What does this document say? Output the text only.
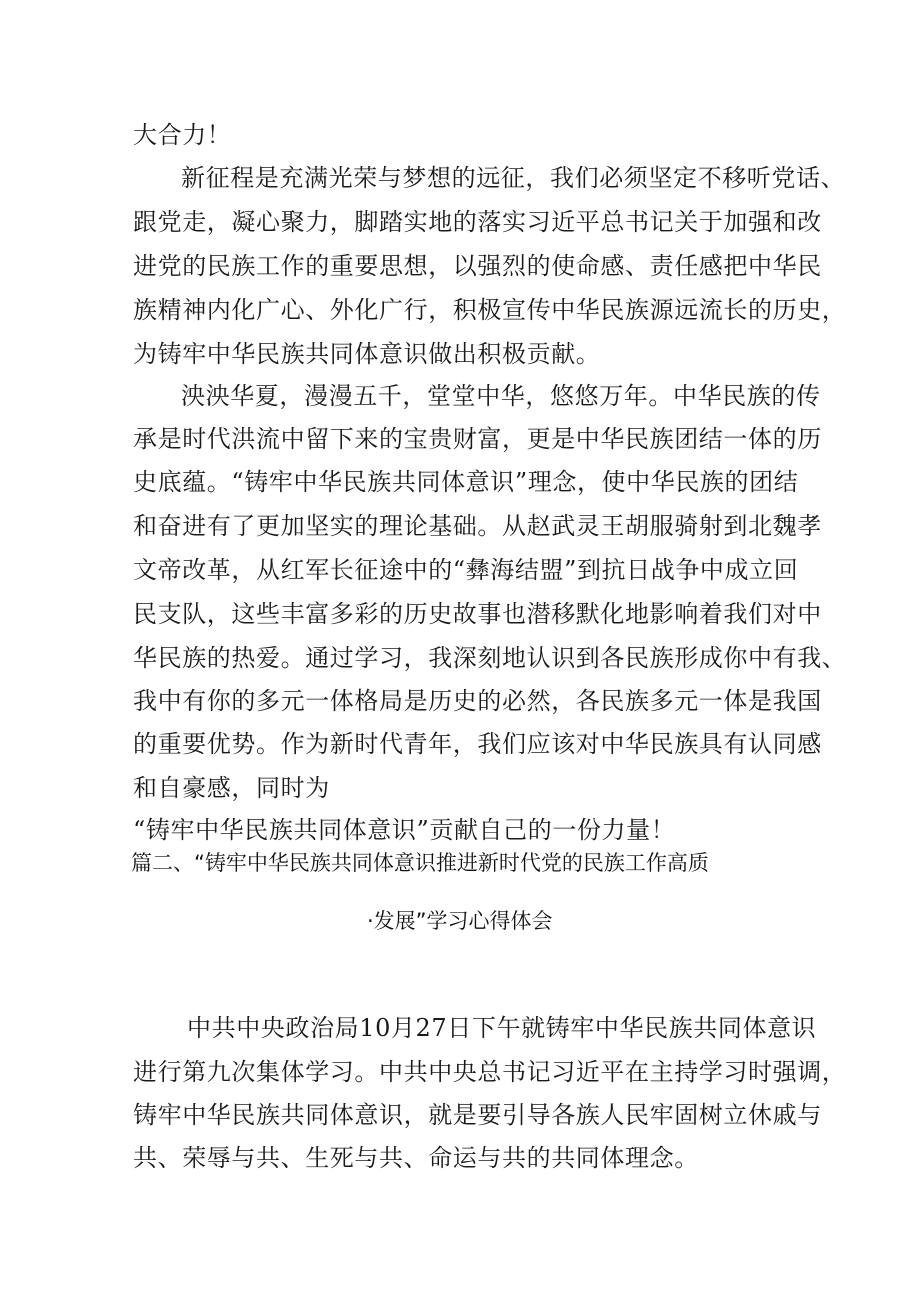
大合力！
新征程是充满光荣与梦想的远征，我们必须坚定不移听党话、
跟党走，凝心聚力，脚踏实地的落实习近平总书记关于加强和改
进党的民族工作的重要思想，以强烈的使命感、责任感把中华民
族精神内化广心、外化广行，积极宣传中华民族源远流长的历史，
为铸牢中华民族共同体意识做出积极贡献。
泱泱华夏，漫漫五千，堂堂中华，悠悠万年。中华民族的传
承是时代洪流中留下来的宝贵财富，更是中华民族团结一体的历
史底蕴。“铸牢中华民族共同体意识”理念，使中华民族的团结
和奋进有了更加坚实的理论基础。从赵武灵王胡服骑射到北魏孝
文帝改革，从红军长征途中的“彝海结盟”到抗日战争中成立回
民支队，这些丰富多彩的历史故事也潜移默化地影响着我们对中
华民族的热爱。通过学习，我深刻地认识到各民族形成你中有我、
我中有你的多元一体格局是历史的必然，各民族多元一体是我国
的重要优势。作为新时代青年，我们应该对中华民族具有认同感
和自豪感，同时为
“铸牢中华民族共同体意识”贡献自己的一份力量！
篇二、“铸牢中华民族共同体意识推进新时代党的民族工作高质
·发展”学习心得体会
中共中央政治局10月27日下午就铸牢中华民族共同体意识
进行第九次集体学习。中共中央总书记习近平在主持学习时强调，
铸牢中华民族共同体意识，就是要引导各族人民牢固树立休戚与
共、荣辱与共、生死与共、命运与共的共同体理念。
